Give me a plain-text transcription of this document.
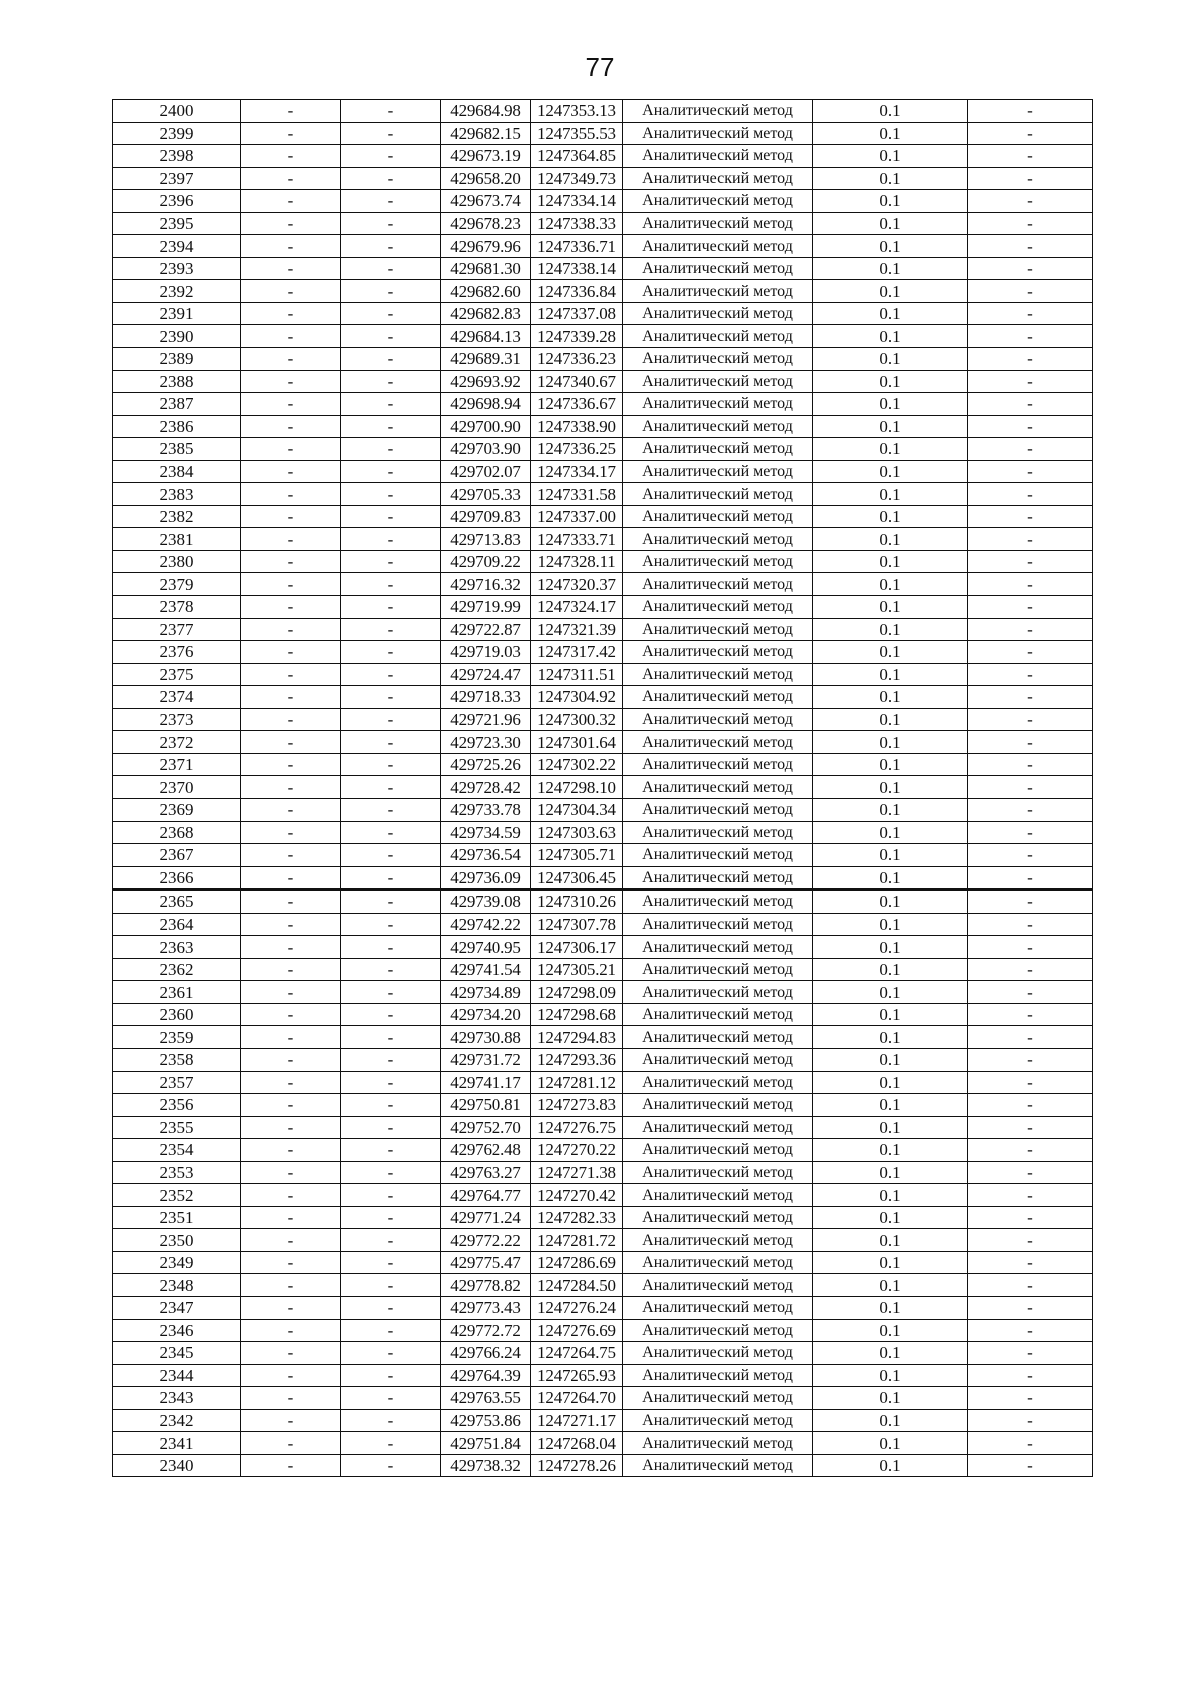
77
2400	-	-	429684.98	1247353.13	Аналитический метод	0.1	-
2399	-	-	429682.15	1247355.53	Аналитический метод	0.1	-
2398	-	-	429673.19	1247364.85	Аналитический метод	0.1	-
2397	-	-	429658.20	1247349.73	Аналитический метод	0.1	-
2396	-	-	429673.74	1247334.14	Аналитический метод	0.1	-
2395	-	-	429678.23	1247338.33	Аналитический метод	0.1	-
2394	-	-	429679.96	1247336.71	Аналитический метод	0.1	-
2393	-	-	429681.30	1247338.14	Аналитический метод	0.1	-
2392	-	-	429682.60	1247336.84	Аналитический метод	0.1	-
2391	-	-	429682.83	1247337.08	Аналитический метод	0.1	-
2390	-	-	429684.13	1247339.28	Аналитический метод	0.1	-
2389	-	-	429689.31	1247336.23	Аналитический метод	0.1	-
2388	-	-	429693.92	1247340.67	Аналитический метод	0.1	-
2387	-	-	429698.94	1247336.67	Аналитический метод	0.1	-
2386	-	-	429700.90	1247338.90	Аналитический метод	0.1	-
2385	-	-	429703.90	1247336.25	Аналитический метод	0.1	-
2384	-	-	429702.07	1247334.17	Аналитический метод	0.1	-
2383	-	-	429705.33	1247331.58	Аналитический метод	0.1	-
2382	-	-	429709.83	1247337.00	Аналитический метод	0.1	-
2381	-	-	429713.83	1247333.71	Аналитический метод	0.1	-
2380	-	-	429709.22	1247328.11	Аналитический метод	0.1	-
2379	-	-	429716.32	1247320.37	Аналитический метод	0.1	-
2378	-	-	429719.99	1247324.17	Аналитический метод	0.1	-
2377	-	-	429722.87	1247321.39	Аналитический метод	0.1	-
2376	-	-	429719.03	1247317.42	Аналитический метод	0.1	-
2375	-	-	429724.47	1247311.51	Аналитический метод	0.1	-
2374	-	-	429718.33	1247304.92	Аналитический метод	0.1	-
2373	-	-	429721.96	1247300.32	Аналитический метод	0.1	-
2372	-	-	429723.30	1247301.64	Аналитический метод	0.1	-
2371	-	-	429725.26	1247302.22	Аналитический метод	0.1	-
2370	-	-	429728.42	1247298.10	Аналитический метод	0.1	-
2369	-	-	429733.78	1247304.34	Аналитический метод	0.1	-
2368	-	-	429734.59	1247303.63	Аналитический метод	0.1	-
2367	-	-	429736.54	1247305.71	Аналитический метод	0.1	-
2366	-	-	429736.09	1247306.45	Аналитический метод	0.1	-
2365	-	-	429739.08	1247310.26	Аналитический метод	0.1	-
2364	-	-	429742.22	1247307.78	Аналитический метод	0.1	-
2363	-	-	429740.95	1247306.17	Аналитический метод	0.1	-
2362	-	-	429741.54	1247305.21	Аналитический метод	0.1	-
2361	-	-	429734.89	1247298.09	Аналитический метод	0.1	-
2360	-	-	429734.20	1247298.68	Аналитический метод	0.1	-
2359	-	-	429730.88	1247294.83	Аналитический метод	0.1	-
2358	-	-	429731.72	1247293.36	Аналитический метод	0.1	-
2357	-	-	429741.17	1247281.12	Аналитический метод	0.1	-
2356	-	-	429750.81	1247273.83	Аналитический метод	0.1	-
2355	-	-	429752.70	1247276.75	Аналитический метод	0.1	-
2354	-	-	429762.48	1247270.22	Аналитический метод	0.1	-
2353	-	-	429763.27	1247271.38	Аналитический метод	0.1	-
2352	-	-	429764.77	1247270.42	Аналитический метод	0.1	-
2351	-	-	429771.24	1247282.33	Аналитический метод	0.1	-
2350	-	-	429772.22	1247281.72	Аналитический метод	0.1	-
2349	-	-	429775.47	1247286.69	Аналитический метод	0.1	-
2348	-	-	429778.82	1247284.50	Аналитический метод	0.1	-
2347	-	-	429773.43	1247276.24	Аналитический метод	0.1	-
2346	-	-	429772.72	1247276.69	Аналитический метод	0.1	-
2345	-	-	429766.24	1247264.75	Аналитический метод	0.1	-
2344	-	-	429764.39	1247265.93	Аналитический метод	0.1	-
2343	-	-	429763.55	1247264.70	Аналитический метод	0.1	-
2342	-	-	429753.86	1247271.17	Аналитический метод	0.1	-
2341	-	-	429751.84	1247268.04	Аналитический метод	0.1	-
2340	-	-	429738.32	1247278.26	Аналитический метод	0.1	-
